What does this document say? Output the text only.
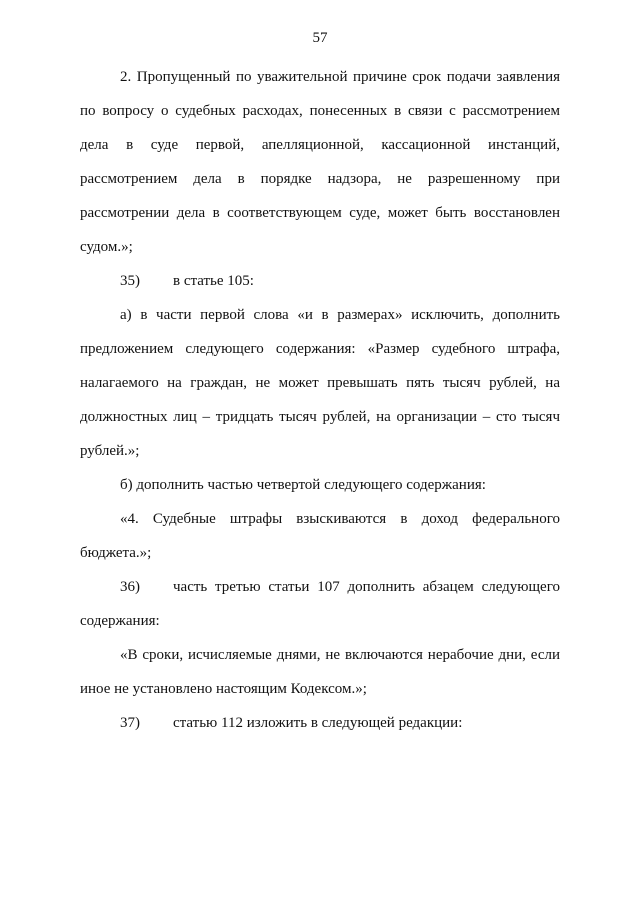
57

2. Пропущенный по уважительной причине срок подачи заявления

по вопросу о судебных расходах, понесенных в связи с рассмотрением дела в суде первой, апелляционной, кассационной инстанций, рассмотрением дела в порядке надзора, не разрешенному при рассмотрении дела в соответствующем суде, может быть восстановлен судом.»;

35)	в статье 105:

а) в части первой слова «и в размерах» исключить, дополнить предложением следующего содержания: «Размер судебного штрафа, налагаемого на граждан, не может превышать пять тысяч рублей, на должностных лиц – тридцать тысяч рублей, на организации – сто тысяч рублей.»;

б) дополнить частью четвертой следующего содержания:

«4. Судебные штрафы взыскиваются в доход федерального бюджета.»;

36)	часть третью статьи 107 дополнить абзацем следующего

содержания:

«В сроки, исчисляемые днями, не включаются нерабочие дни, если иное не установлено настоящим Кодексом.»;

37)	статью 112 изложить в следующей редакции:
